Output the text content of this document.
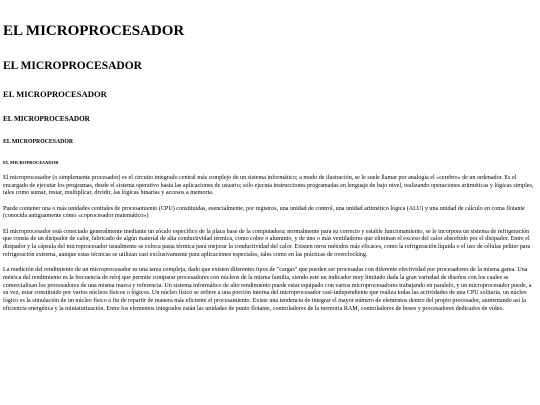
EL MICROPROCESADOR
EL MICROPROCESADOR
EL MICROPROCESADOR
EL MICROPROCESADOR
EL MICROPROCESADOR
EL MICROPROCESADOR

El microprocesador (o simplemente procesador) es el circuito integrado central más complejo de un sistema informático; a modo de ilustración, se le suele llamar por analogía el «cerebro» de un ordenador. Es el encargado de ejecutar los programas, desde el sistema operativo hasta las aplicaciones de usuario; sólo ejecuta instrucciones programadas en lenguaje de bajo nivel, realizando operaciones aritméticas y lógicas simples, tales como sumar, restar, multiplicar, dividir, las lógicas binarias y accesos a memoria.

Puede contener una o más unidades centrales de procesamiento (CPU) constituidas, esencialmente, por registros, una unidad de control, una unidad aritmético lógica (ALU) y una unidad de cálculo en coma flotante (conocida antiguamente como «coprocesador matemático»)

El microprocesador está conectado generalmente mediante un zócalo específico de la placa base de la computadora; normalmente para su correcto y estable funcionamiento, se le incorpora un sistema de refrigeración que consta de un disipador de calor, fabricado de algún material de alta conductividad térmica, como cobre o aluminio, y de uno o más ventiladores que eliminan el exceso del calor absorbido por el disipador. Entre el disipador y la cápsula del microprocesador usualmente se coloca pasta térmica para mejorar la conductividad del calor. Existen otros métodos más eficaces, como la refrigeración líquida o el uso de células peltier para refrigeración extrema, aunque estas técnicas se utilizan casi exclusivamente para aplicaciones especiales, tales como en las prácticas de overclocking.

La medición del rendimiento de un microprocesador es una tarea compleja, dado que existen diferentes tipos de "cargas" que pueden ser procesadas con diferente efectividad por procesadores de la misma gama. Una métrica del rendimiento es la frecuencia de reloj que permite comparar procesadores con núcleos de la misma familia, siendo este un indicador muy limitado dada la gran variedad de diseños con los cuales se comercializan los procesadores de una misma marca y referencia. Un sistema informático de alto rendimiento puede estar equipado con varios microprocesadores trabajando en paralelo, y un microprocesador puede, a su vez, estar constituido por varios núcleos físicos o lógicos. Un núcleo físico se refiere a una porción interna del microprocesador casi-independiente que realiza todas las actividades de una CPU solitaria, un núcleo lógico es la simulación de un núcleo físico a fin de repartir de manera más eficiente el procesamiento. Existe una tendencia de integrar el mayor número de elementos dentro del propio procesador, aumentando así la eficiencia energética y la miniaturización. Entre los elementos integrados están las unidades de punto flotante, controladores de la memoria RAM, controladores de buses y procesadores dedicados de vídeo.
